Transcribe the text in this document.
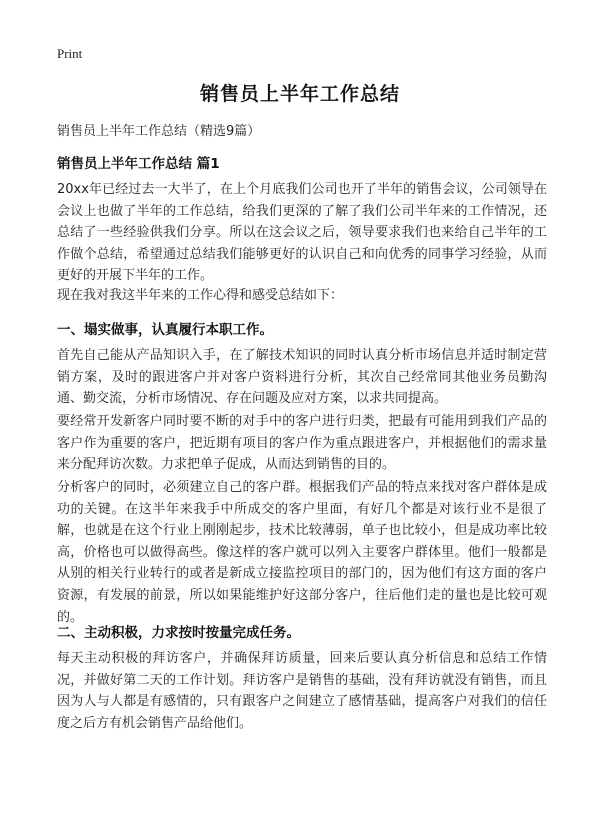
Print
销售员上半年工作总结
销售员上半年工作总结（精选9篇）
销售员上半年工作总结 篇1
20xx年已经过去一大半了，在上个月底我们公司也开了半年的销售会议，公司领导在会议上也做了半年的工作总结，给我们更深的了解了我们公司半年来的工作情况，还总结了一些经验供我们分享。所以在这会议之后，领导要求我们也来给自己半年的工作做个总结，希望通过总结我们能够更好的认识自己和向优秀的同事学习经验，从而更好的开展下半年的工作。
现在我对我这半年来的工作心得和感受总结如下：
一、塌实做事，认真履行本职工作。
首先自己能从产品知识入手，在了解技术知识的同时认真分析市场信息并适时制定营销方案，及时的跟进客户并对客户资料进行分析，其次自己经常同其他业务员勤沟通、勤交流，分析市场情况、存在问题及应对方案，以求共同提高。
要经常开发新客户同时要不断的对手中的客户进行归类，把最有可能用到我们产品的客户作为重要的客户，把近期有项目的客户作为重点跟进客户，并根据他们的需求量来分配拜访次数。力求把单子促成，从而达到销售的目的。
分析客户的同时，必须建立自己的客户群。根据我们产品的特点来找对客户群体是成功的关键。在这半年来我手中所成交的客户里面，有好几个都是对该行业不是很了解，也就是在这个行业上刚刚起步，技术比较薄弱，单子也比较小，但是成功率比较高，价格也可以做得高些。像这样的客户就可以列入主要客户群体里。他们一般都是从别的相关行业转行的或者是新成立接监控项目的部门的，因为他们有这方面的客户资源，有发展的前景，所以如果能维护好这部分客户，往后他们走的量也是比较可观的。
二、主动积极，力求按时按量完成任务。
每天主动积极的拜访客户，并确保拜访质量，回来后要认真分析信息和总结工作情况，并做好第二天的工作计划。拜访客户是销售的基础，没有拜访就没有销售，而且因为人与人都是有感情的，只有跟客户之间建立了感情基础，提高客户对我们的信任度之后方有机会销售产品给他们。
